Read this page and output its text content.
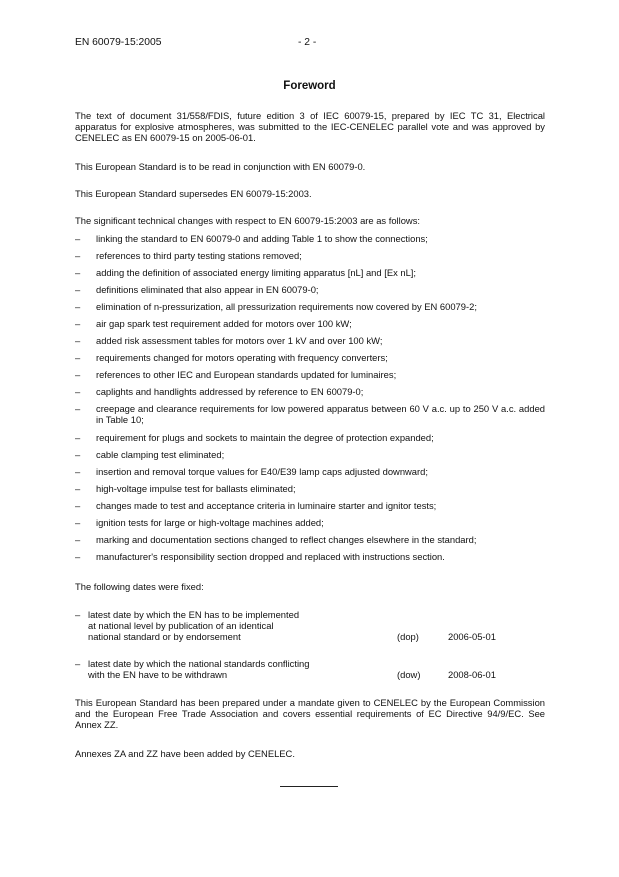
EN 60079-15:2005	- 2 -
Foreword

The text of document 31/558/FDIS, future edition 3 of IEC 60079-15, prepared by IEC TC 31, Electrical apparatus for explosive atmospheres, was submitted to the IEC-CENELEC parallel vote and was approved by CENELEC as EN 60079-15 on 2005-06-01.

This European Standard is to be read in conjunction with EN 60079-0.

This European Standard supersedes EN 60079-15:2003.

The significant technical changes with respect to EN 60079-15:2003 are as follows:

– linking the standard to EN 60079-0 and adding Table 1 to show the connections;
– references to third party testing stations removed;
– adding the definition of associated energy limiting apparatus [nL] and [Ex nL];
– definitions eliminated that also appear in EN 60079-0;
– elimination of n-pressurization, all pressurization requirements now covered by EN 60079-2;
– air gap spark test requirement added for motors over 100 kW;
– added risk assessment tables for motors over 1 kV and over 100 kW;
– requirements changed for motors operating with frequency converters;
– references to other IEC and European standards updated for luminaires;
– caplights and handlights addressed by reference to EN 60079-0;
– creepage and clearance requirements for low powered apparatus between 60 V a.c. up to 250 V a.c. added in Table 10;
– requirement for plugs and sockets to maintain the degree of protection expanded;
– cable clamping test eliminated;
– insertion and removal torque values for E40/E39 lamp caps adjusted downward;
– high-voltage impulse test for ballasts eliminated;
– changes made to test and acceptance criteria in luminaire starter and ignitor tests;
– ignition tests for large or high-voltage machines added;
– marking and documentation sections changed to reflect changes elsewhere in the standard;
– manufacturer's responsibility section dropped and replaced with instructions section.

The following dates were fixed:

– latest date by which the EN has to be implemented
at national level by publication of an identical
national standard or by endorsement	(dop)	2006-05-01
– latest date by which the national standards conflicting
with the EN have to be withdrawn	(dow)	2008-06-01

This European Standard has been prepared under a mandate given to CENELEC by the European Commission and the European Free Trade Association and covers essential requirements of EC Directive 94/9/EC. See Annex ZZ.

Annexes ZA and ZZ have been added by CENELEC.
